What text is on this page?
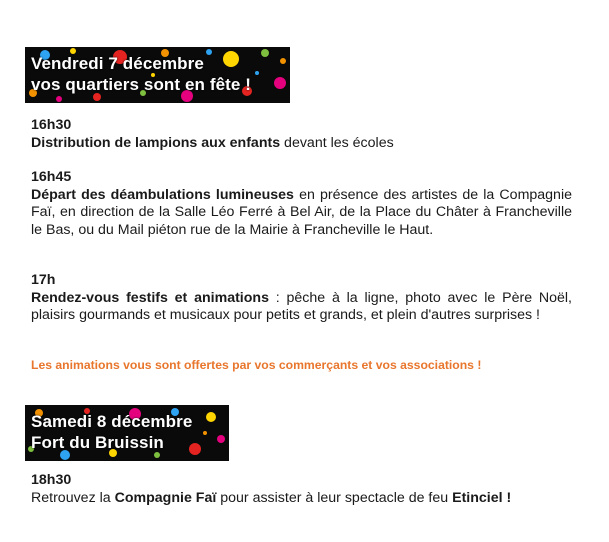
Vendredi 7 décembre
vos quartiers sont en fête !
16h30
Distribution de lampions aux enfants devant les écoles
16h45
Départ des déambulations lumineuses en présence des artistes de la Compagnie Faï, en direction de la Salle Léo Ferré à Bel Air, de la Place du Châter à Francheville le Bas, ou du Mail piéton rue de la Mairie à Francheville le Haut.
17h
Rendez-vous festifs et animations : pêche à la ligne, photo avec le Père Noël, plaisirs gourmands et musicaux pour petits et grands, et plein d'autres surprises !
Les animations vous sont offertes par vos commerçants et vos associations !
Samedi 8 décembre
Fort du Bruissin
18h30
Retrouvez la Compagnie Faï pour assister à leur spectacle de feu Etinciel !
